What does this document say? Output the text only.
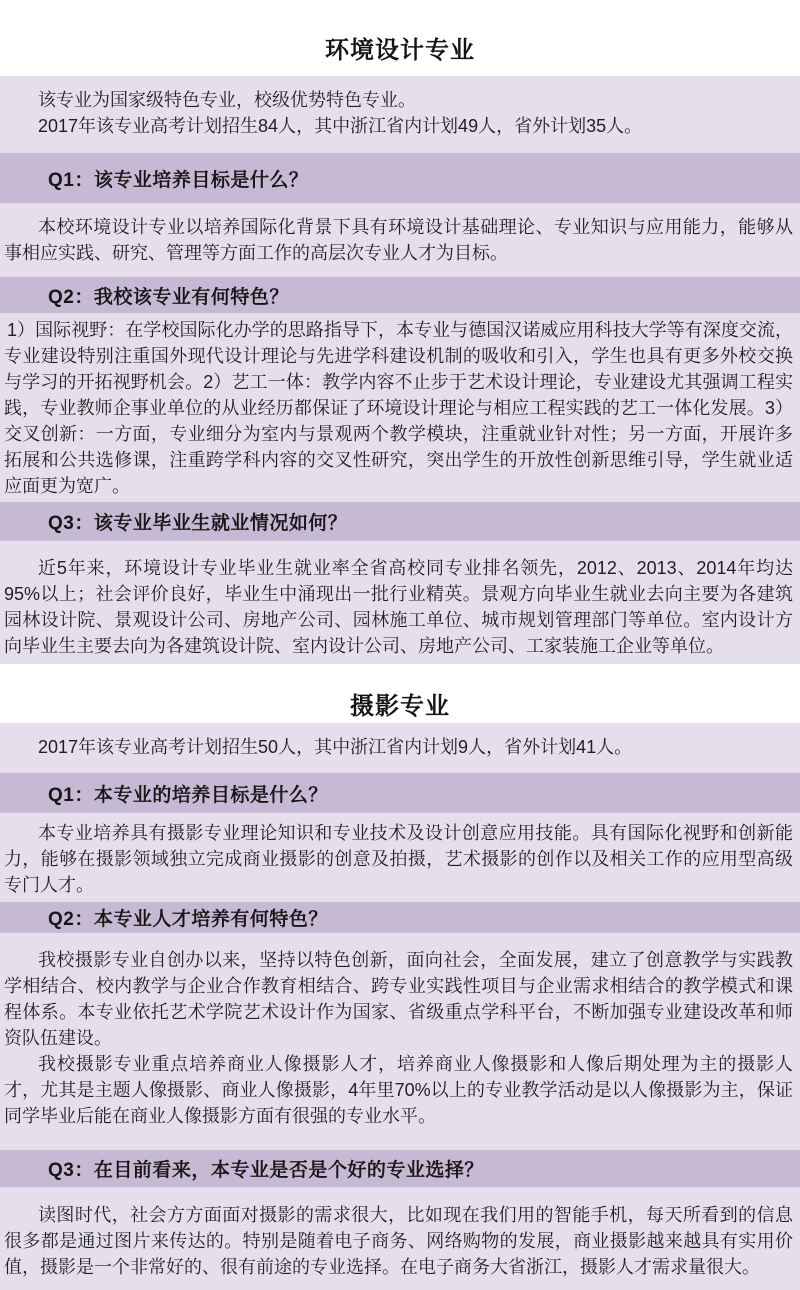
环境设计专业

该专业为国家级特色专业，校级优势特色专业。

2017年该专业高考计划招生84人，其中浙江省内计划49人，省外计划35人。

Q1：该专业培养目标是什么？

本校环境设计专业以培养国际化背景下具有环境设计基础理论、专业知识与应用能力，能够从事相应实践、研究、管理等方面工作的高层次专业人才为目标。

Q2：我校该专业有何特色？

1）国际视野：在学校国际化办学的思路指导下，本专业与德国汉诺威应用科技大学等有深度交流，专业建设特别注重国外现代设计理论与先进学科建设机制的吸收和引入，学生也具有更多外校交换与学习的开拓视野机会。2）艺工一体：教学内容不止步于艺术设计理论，专业建设尤其强调工程实践，专业教师企事业单位的从业经历都保证了环境设计理论与相应工程实践的艺工一体化发展。3）交叉创新：一方面，专业细分为室内与景观两个教学模块，注重就业针对性；另一方面，开展许多拓展和公共选修课，注重跨学科内容的交叉性研究，突出学生的开放性创新思维引导，学生就业适应面更为宽广。

Q3：该专业毕业生就业情况如何？

近5年来，环境设计专业毕业生就业率全省高校同专业排名领先，2012、2013、2014年均达95%以上；社会评价良好，毕业生中涌现出一批行业精英。景观方向毕业生就业去向主要为各建筑园林设计院、景观设计公司、房地产公司、园林施工单位、城市规划管理部门等单位。室内设计方向毕业生主要去向为各建筑设计院、室内设计公司、房地产公司、工家装施工企业等单位。

摄影专业

2017年该专业高考计划招生50人，其中浙江省内计划9人，省外计划41人。

Q1：本专业的培养目标是什么？

本专业培养具有摄影专业理论知识和专业技术及设计创意应用技能。具有国际化视野和创新能力，能够在摄影领域独立完成商业摄影的创意及拍摄，艺术摄影的创作以及相关工作的应用型高级专门人才。

Q2：本专业人才培养有何特色？

我校摄影专业自创办以来，坚持以特色创新，面向社会，全面发展，建立了创意教学与实践教学相结合、校内教学与企业合作教育相结合、跨专业实践性项目与企业需求相结合的教学模式和课程体系。本专业依托艺术学院艺术设计作为国家、省级重点学科平台，不断加强专业建设改革和师资队伍建设。

我校摄影专业重点培养商业人像摄影人才，培养商业人像摄影和人像后期处理为主的摄影人才，尤其是主题人像摄影、商业人像摄影，4年里70%以上的专业教学活动是以人像摄影为主，保证同学毕业后能在商业人像摄影方面有很强的专业水平。

Q3：在目前看来，本专业是否是个好的专业选择？

读图时代，社会方方面面对摄影的需求很大，比如现在我们用的智能手机，每天所看到的信息很多都是通过图片来传达的。特别是随着电子商务、网络购物的发展，商业摄影越来越具有实用价值，摄影是一个非常好的、很有前途的专业选择。在电子商务大省浙江，摄影人才需求量很大。
